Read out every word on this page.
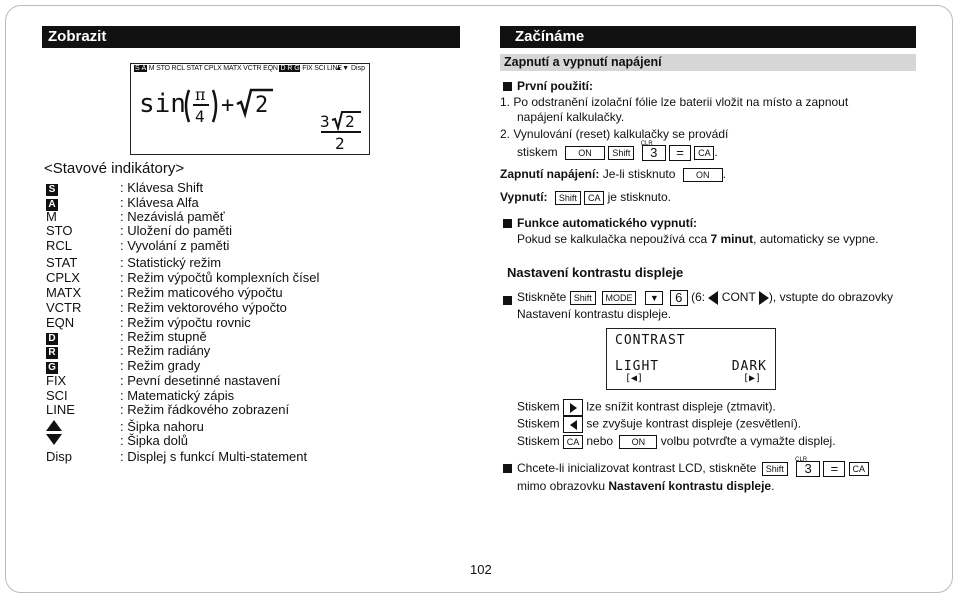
Zobrazit
S A M STO RCL STAT CPLX MATX VCTR EQN D R G FIX SCI LINE
▲▼ Disp
sin π
4 + 2
3 2
2
<Stavové indikátory>
S	: Klávesa Shift
A	: Klávesa Alfa
M	: Nezávislá paměť
STO	: Uložení do paměti
RCL	: Vyvolání z paměti
STAT	: Statistický režim
CPLX	: Režim výpočtů komplexních čísel
MATX	: Režim maticového výpočtu
VCTR	: Režim vektorového výpočto
EQN	: Režim výpočtu rovnic
D	: Režim stupně
R	: Režim radiány
G	: Režim grady
FIX	: Pevní desetinné nastavení
SCI	: Matematický zápis
LINE	: Režim řádkového zobrazení
: Šipka nahoru
: Šipka dolů
Disp	: Displej s funkcí Multi-statement
Začínáme
Zapnutí a vypnutí napájení
První použití:
1. Po odstranění izolační fólie lze baterii vložit na místo a zapnout
napájení kalkulačky.
2. Vynulování (reset) kalkulačky se provádí
stiskem ON Shift
CLR
3 = CA .
Zapnutí napájení: Je-li stisknuto ON .
Vypnutí: Shift CA je stisknuto.
Funkce automatického vypnutí:
Pokud se kalkulačka nepoužívá cca 7 minut, automaticky se vypne.
Nastavení kontrastu displeje
Stiskněte Shift MODE ▼ 6 (6: CONT ), vstupte do obrazovky
Nastavení kontrastu displeje.
CONTRAST
LIGHT	DARK
[◀]	[▶]
Stiskem lze snížit kontrast displeje (ztmavit).
Stiskem se zvyšuje kontrast displeje (zesvětlení).
Stiskem CA nebo ON volbu potvrďte a vymažte displej.
Chcete-li inicializovat kontrast LCD, stiskněte Shift
CLR
3 = CA
mimo obrazovku Nastavení kontrastu displeje.
102
